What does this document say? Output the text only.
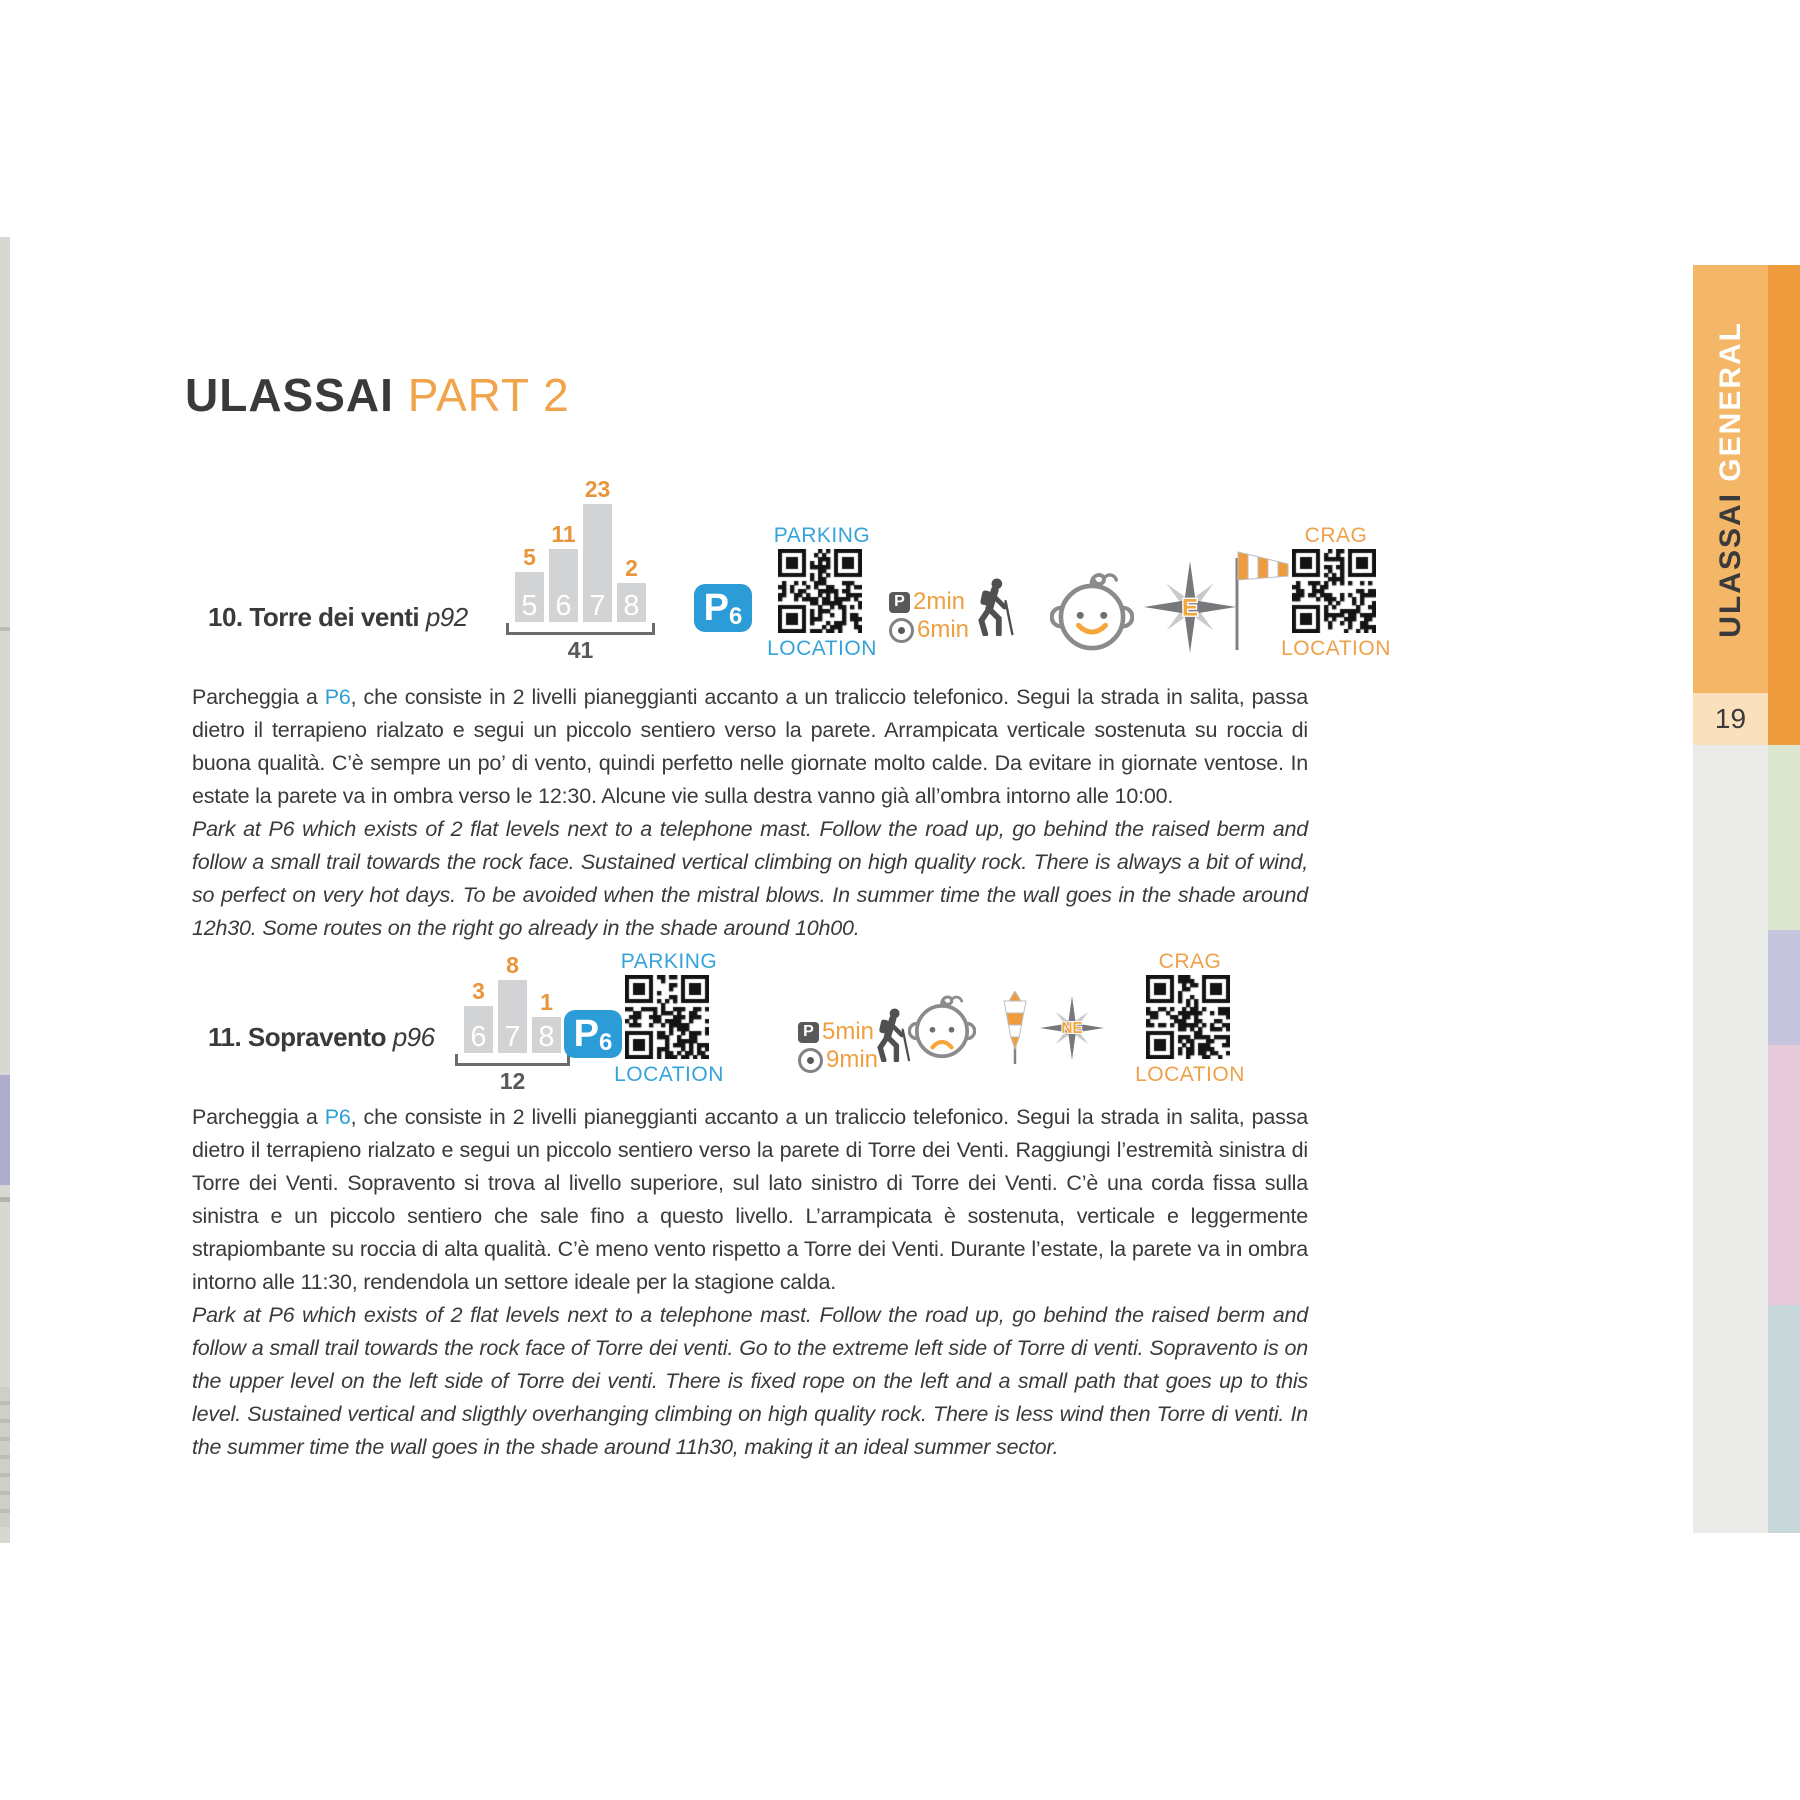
ULASSAI PART 2
10. Torre dei venti p92
5
5
11
6
23
7
2
8
41
P 6
PARKING
LOCATION
P 2min
6min
E
CRAG
LOCATION

Parcheggia a P6, che consiste in 2 livelli pianeggianti accanto a un traliccio telefonico. Segui la strada in salita, passa dietro il terrapieno rialzato e segui un piccolo sentiero verso la parete. Arrampicata verticale sostenuta su roccia di buona qualità. C’è sempre un po’ di vento, quindi perfetto nelle giornate molto calde. Da evitare in giornate ventose. In estate la parete va in ombra verso le 12:30. Alcune vie sulla destra vanno già all’ombra intorno alle 10:00.

Park at P6 which exists of 2 flat levels next to a telephone mast. Follow the road up, go behind the raised berm and follow a small trail towards the rock face. Sustained vertical climbing on high quality rock. There is always a bit of wind, so perfect on very hot days. To be avoided when the mistral blows. In summer time the wall goes in the shade around 12h30. Some routes on the right go already in the shade around 10h00.

11. Sopravento p96
3
6
8
7
1
8
12
P 6
PARKING
LOCATION
P 5min
9min
NE
CRAG
LOCATION

Parcheggia a P6, che consiste in 2 livelli pianeggianti accanto a un traliccio telefonico. Segui la strada in salita, passa dietro il terrapieno rialzato e segui un piccolo sentiero verso la parete di Torre dei Venti. Raggiungi l’estremità sinistra di Torre dei Venti. Sopravento si trova al livello superiore, sul lato sinistro di Torre dei Venti. C’è una corda fissa sulla sinistra e un piccolo sentiero che sale fino a questo livello. L’arrampicata è sostenuta, verticale e leggermente strapiombante su roccia di alta qualità. C’è meno vento rispetto a Torre dei Venti. Durante l’estate, la parete va in ombra intorno alle 11:30, rendendola un settore ideale per la stagione calda.

Park at P6 which exists of 2 flat levels next to a telephone mast. Follow the road up, go behind the raised berm and follow a small trail towards the rock face of Torre dei venti. Go to the extreme left side of Torre di venti. Sopravento is on the upper level on the left side of Torre dei venti. There is fixed rope on the left and a small path that goes up to this level. Sustained vertical and sligthly overhanging climbing on high quality rock. There is less wind then Torre di venti. In the summer time the wall goes in the shade around 11h30, making it an ideal summer sector.

ULASSAI GENERAL
19
